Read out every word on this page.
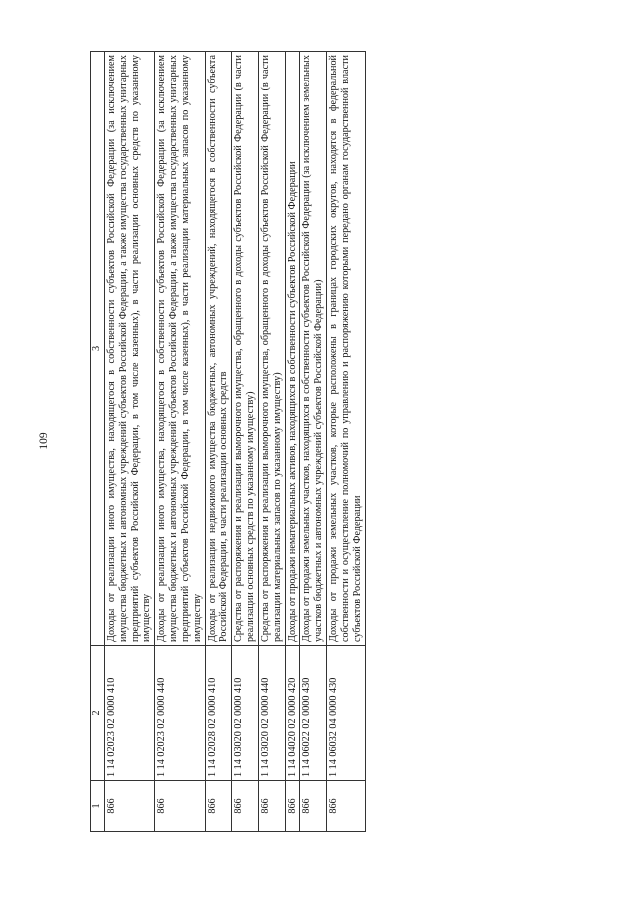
109
1	2	3
866	1 14 02023 02 0000 410	Доходы от реализации иного имущества, находящегося в собственности субъектов Российской Федерации (за исключением имущества бюджетных и автономных учреждений субъектов Российской Федерации, а также имущества государственных унитарных предприятий субъектов Российской Федерации, в том числе казенных), в части реализации основных средств по указанному имуществу
866	1 14 02023 02 0000 440	Доходы от реализации иного имущества, находящегося в собственности субъектов Российской Федерации (за исключением имущества бюджетных и автономных учреждений субъектов Российской Федерации, а также имущества государственных унитарных предприятий субъектов Российской Федерации, в том числе казенных), в части реализации материальных запасов по указанному имуществу
866	1 14 02028 02 0000 410	Доходы от реализации недвижимого имущества бюджетных, автономных учреждений, находящегося в собственности субъекта Российской Федерации, в части реализации основных средств
866	1 14 03020 02 0000 410	Средства от распоряжения и реализации выморочного имущества, обращенного в доходы субъектов Российской Федерации (в части реализации основных средств по указанному имуществу)
866	1 14 03020 02 0000 440	Средства от распоряжения и реализации выморочного имущества, обращенного в доходы субъектов Российской Федерации (в части реализации материальных запасов по указанному имуществу)
866	1 14 04020 02 0000 420	Доходы от продажи нематериальных активов, находящихся в собственности субъектов Российской Федерации
866	1 14 06022 02 0000 430	Доходы от продажи земельных участков, находящихся в собственности субъектов Российской Федерации (за исключением земельных участков бюджетных и автономных учреждений субъектов Российской Федерации)
866	1 14 06032 04 0000 430	Доходы от продажи земельных участков, которые расположены в границах городских округов, находятся в федеральной собственности и осуществление полномочий по управлению и распоряжению которыми передано органам государственной власти субъектов Российской Федерации
